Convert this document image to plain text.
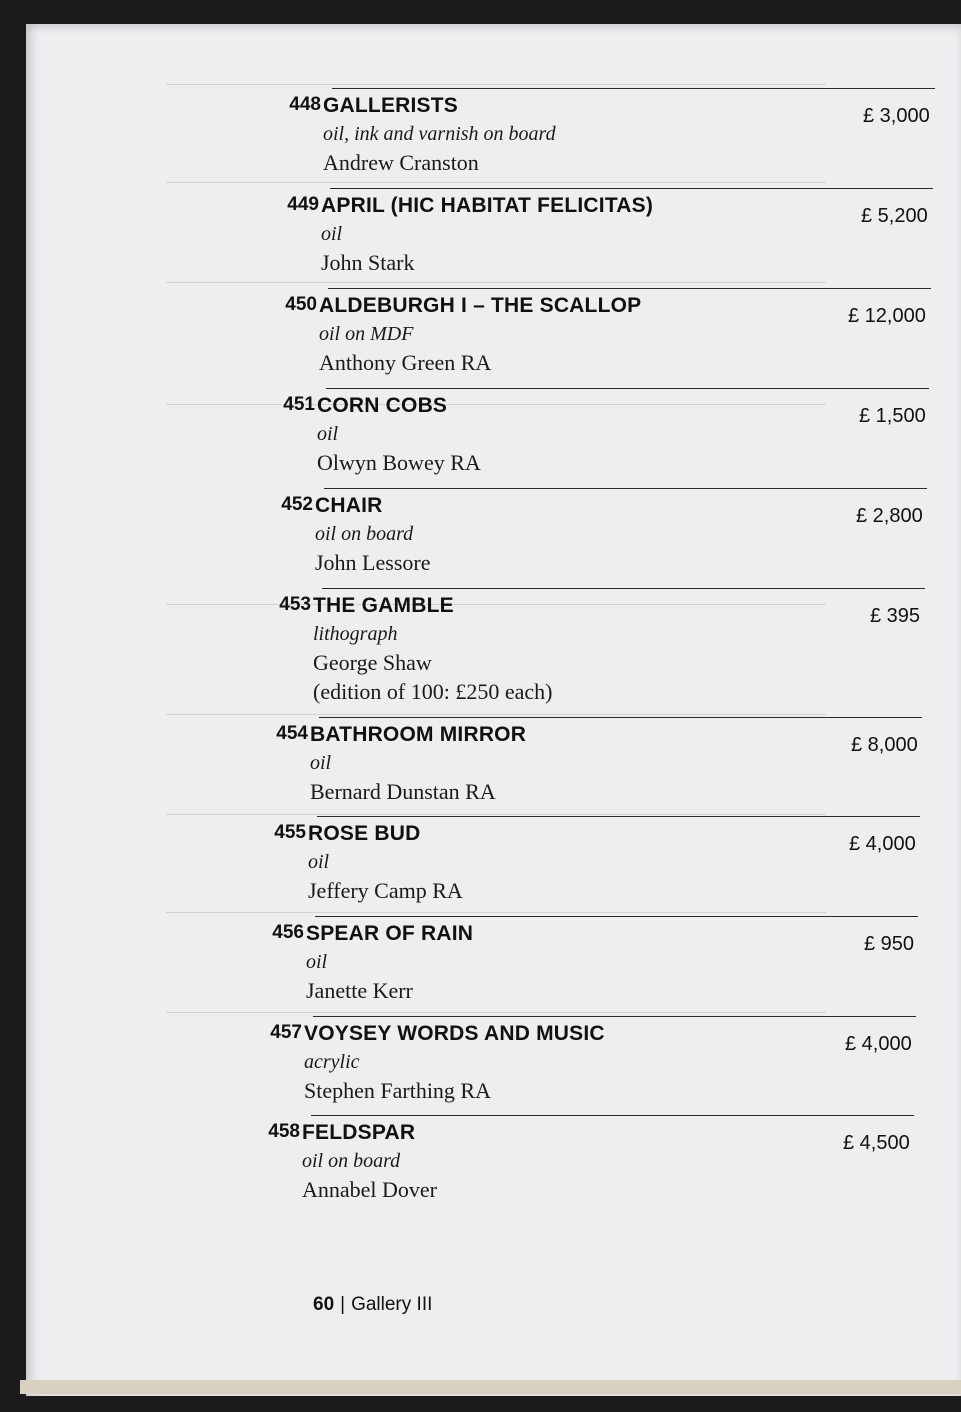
448 GALLERISTS
oil, ink and varnish on board
Andrew Cranston
£ 3,000
449 APRIL (HIC HABITAT FELICITAS)
oil
John Stark
£ 5,200
450 ALDEBURGH I – THE SCALLOP
oil on MDF
Anthony Green RA
£ 12,000
451 CORN COBS
oil
Olwyn Bowey RA
£ 1,500
452 CHAIR
oil on board
John Lessore
£ 2,800
453 THE GAMBLE
lithograph
George Shaw
(edition of 100: £250 each)
£ 395
454 BATHROOM MIRROR
oil
Bernard Dunstan RA
£ 8,000
455 ROSE BUD
oil
Jeffery Camp RA
£ 4,000
456 SPEAR OF RAIN
oil
Janette Kerr
£ 950
457 VOYSEY WORDS AND MUSIC
acrylic
Stephen Farthing RA
£ 4,000
458 FELDSPAR
oil on board
Annabel Dover
£ 4,500
60 | Gallery III
